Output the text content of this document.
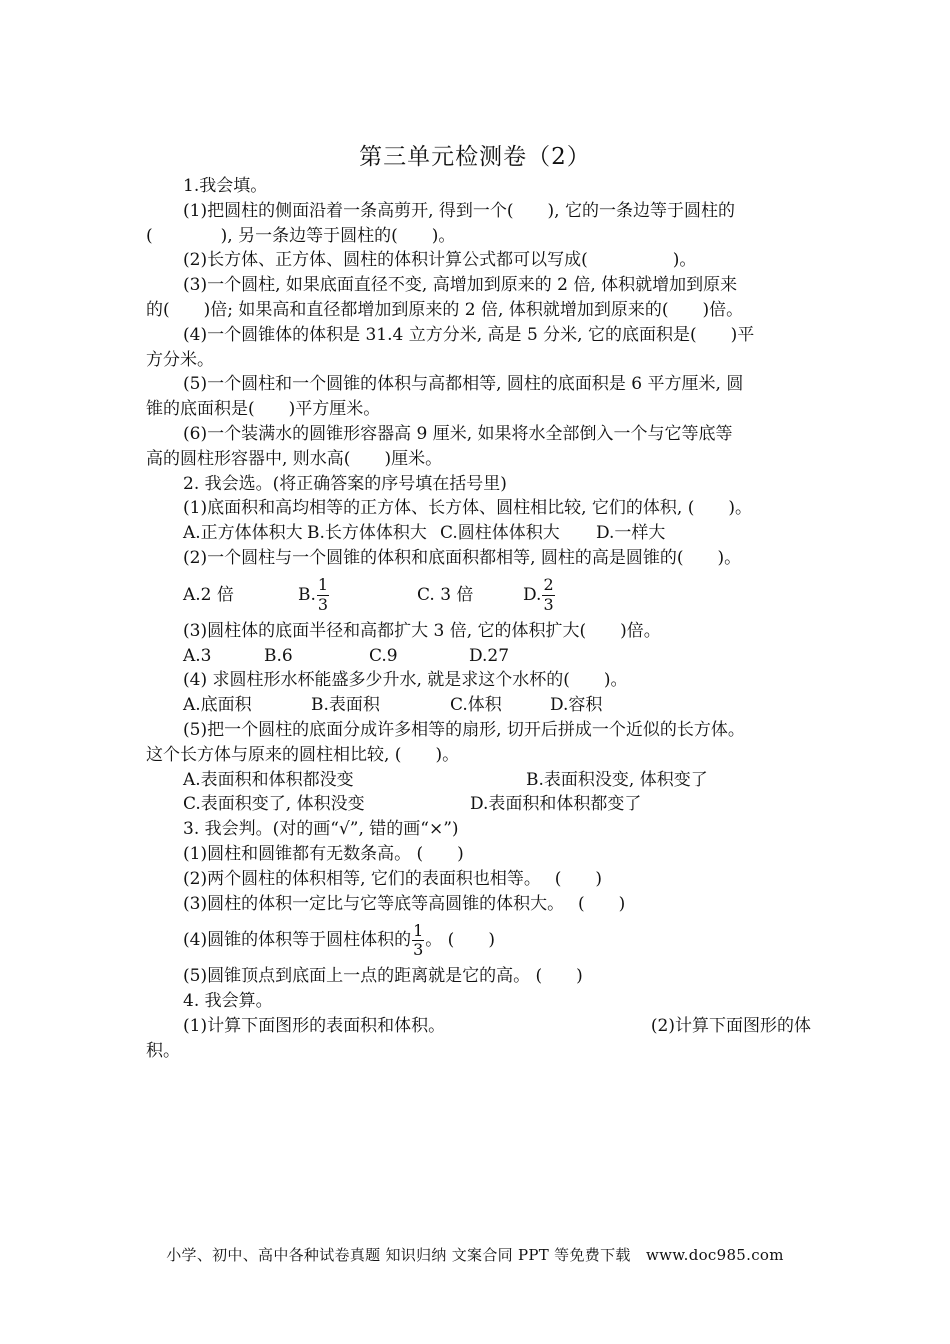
第三单元检测卷（2）

1.我会填。

(1)把圆柱的侧面沿着一条高剪开, 得到一个(　　), 它的一条边等于圆柱的

(　　　　), 另一条边等于圆柱的(　　)。

(2)长方体、正方体、圆柱的体积计算公式都可以写成(　　　　　)。

(3)一个圆柱, 如果底面直径不变, 高增加到原来的 2 倍, 体积就增加到原来

的(　　)倍; 如果高和直径都增加到原来的 2 倍, 体积就增加到原来的(　　)倍。

(4)一个圆锥体的体积是 31.4 立方分米, 高是 5 分米, 它的底面积是(　　)平

方分米。

(5)一个圆柱和一个圆锥的体积与高都相等, 圆柱的底面积是 6 平方厘米, 圆

锥的底面积是(　　)平方厘米。

(6)一个装满水的圆锥形容器高 9 厘米, 如果将水全部倒入一个与它等底等

高的圆柱形容器中, 则水高(　　)厘米。

2. 我会选。(将正确答案的序号填在括号里)

(1)底面积和高均相等的正方体、长方体、圆柱相比较, 它们的体积, (　　)。

A.正方体体积大 B.长方体体积大 C.圆柱体体积大	D.一样大

(2)一个圆柱与一个圆锥的体积和底面积都相等, 圆柱的高是圆锥的(　　)。

A.2 倍	B. $\frac{1}{3}$	C. 3 倍	D. $\frac{2}{3}$

(3)圆柱体的底面半径和高都扩大 3 倍, 它的体积扩大(　　)倍。

A.3	B.6	C.9	D.27

(4) 求圆柱形水杯能盛多少升水, 就是求这个水杯的(　　)。

A.底面积	B.表面积	C.体积	D.容积

(5)把一个圆柱的底面分成许多相等的扇形, 切开后拼成一个近似的长方体。

这个长方体与原来的圆柱相比较, (　　)。

A.表面积和体积都没变	B.表面积没变, 体积变了
C.表面积变了, 体积没变	D.表面积和体积都变了

3. 我会判。(对的画“√”, 错的画“×”)

(1)圆柱和圆锥都有无数条高。 (　　)

(2)两个圆柱的体积相等, 它们的表面积也相等。　 (　　)

(3)圆柱的体积一定比与它等底等高圆锥的体积大。　 (　　)

(4)圆锥的体积等于圆柱体积的 $\frac{1}{3}$ 。 (　　)

(5)圆锥顶点到底面上一点的距离就是它的高。 (　　)

4. 我会算。

(1)计算下面图形的表面积和体积。	(2)计算下面图形的体

积。

小学、初中、高中各种试卷真题 知识归纳 文案合同 PPT 等免费下载　www.doc985.com
